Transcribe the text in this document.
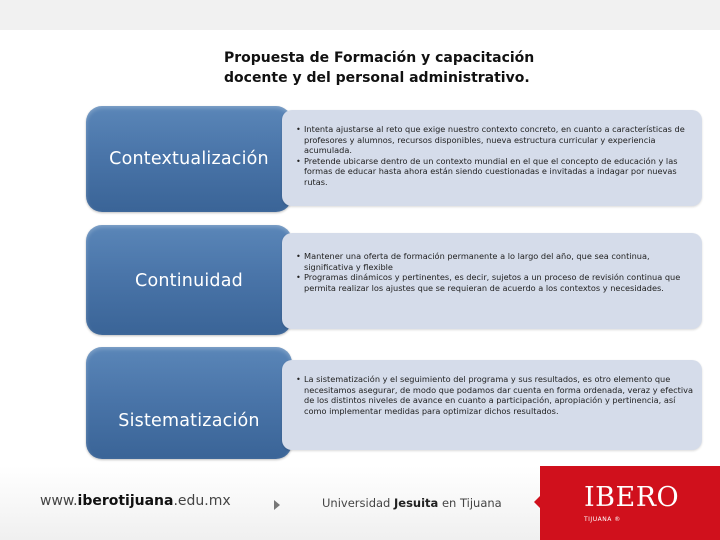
Propuesta de Formación y capacitación
docente y del personal administrativo.
Contextualización
• Intenta ajustarse al reto que exige nuestro contexto concreto, en cuanto a características de profesores y alumnos, recursos disponibles, nueva estructura curricular y experiencia acumulada.
• Pretende ubicarse dentro de un contexto mundial en el que el concepto de educación y las formas de educar hasta ahora están siendo cuestionadas e invitadas a indagar por nuevas rutas.
Continuidad
• Mantener una oferta de formación permanente a lo largo del año, que sea continua, significativa y flexible
• Programas dinámicos y pertinentes, es decir, sujetos a un proceso de revisión continua que permita realizar los ajustes que se requieran de acuerdo a los contextos y necesidades.
Sistematización
• La sistematización y el seguimiento del programa y sus resultados, es otro elemento que necesitamos asegurar, de modo que podamos dar cuenta en forma ordenada, veraz y efectiva de los distintos niveles de avance en cuanto a participación, apropiación y pertinencia, así como implementar medidas para optimizar dichos resultados.
www.iberotijuana.edu.mx	Universidad Jesuita en Tijuana	IBERO
TIJUANA ®
